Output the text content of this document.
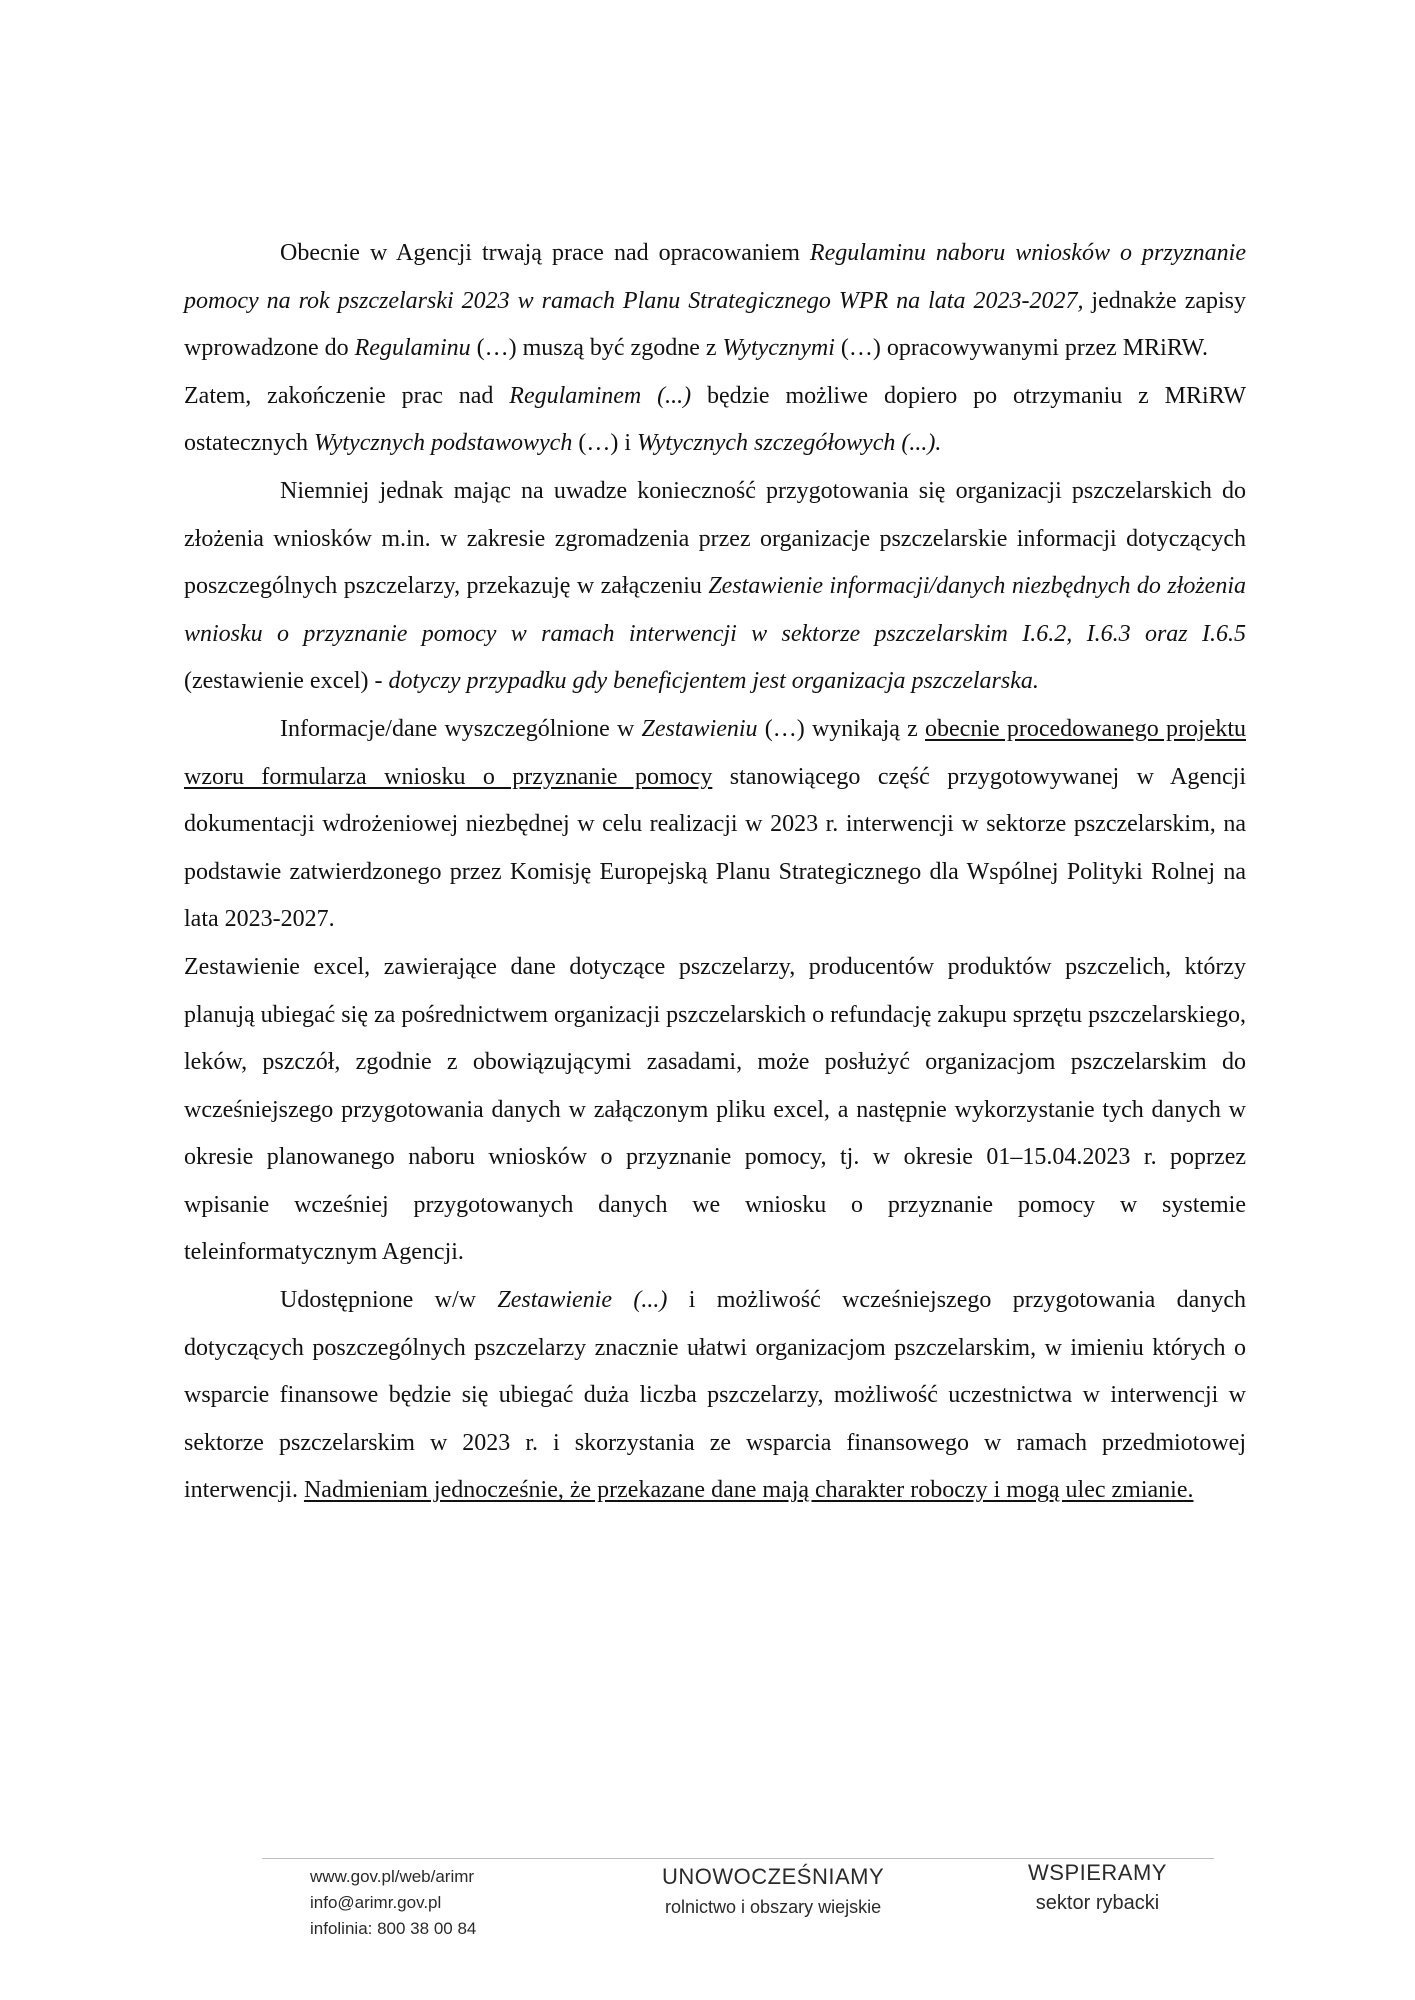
Obecnie w Agencji trwają prace nad opracowaniem Regulaminu naboru wniosków o przyznanie pomocy na rok pszczelarski 2023 w ramach Planu Strategicznego WPR na lata 2023-2027, jednakże zapisy wprowadzone do Regulaminu (…) muszą być zgodne z Wytycznymi (…) opracowywanymi przez MRiRW.

Zatem, zakończenie prac nad Regulaminem (...) będzie możliwe dopiero po otrzymaniu z MRiRW ostatecznych Wytycznych podstawowych (…) i Wytycznych szczegółowych (...).

Niemniej jednak mając na uwadze konieczność przygotowania się organizacji pszczelarskich do złożenia wniosków m.in. w zakresie zgromadzenia przez organizacje pszczelarskie informacji dotyczących poszczególnych pszczelarzy, przekazuję w załączeniu Zestawienie informacji/danych niezbędnych do złożenia wniosku o przyznanie pomocy w ramach interwencji w sektorze pszczelarskim I.6.2, I.6.3 oraz I.6.5 (zestawienie excel) - dotyczy przypadku gdy beneficjentem jest organizacja pszczelarska.

Informacje/dane wyszczególnione w Zestawieniu (…) wynikają z obecnie procedowanego projektu wzoru formularza wniosku o przyznanie pomocy stanowiącego część przygotowywanej w Agencji dokumentacji wdrożeniowej niezbędnej w celu realizacji w 2023 r. interwencji w sektorze pszczelarskim, na podstawie zatwierdzonego przez Komisję Europejską Planu Strategicznego dla Wspólnej Polityki Rolnej na lata 2023-2027.

Zestawienie excel, zawierające dane dotyczące pszczelarzy, producentów produktów pszczelich, którzy planują ubiegać się za pośrednictwem organizacji pszczelarskich o refundację zakupu sprzętu pszczelarskiego, leków, pszczół, zgodnie z obowiązującymi zasadami, może posłużyć organizacjom pszczelarskim do wcześniejszego przygotowania danych w załączonym pliku excel, a następnie wykorzystanie tych danych w okresie planowanego naboru wniosków o przyznanie pomocy, tj. w okresie 01–15.04.2023 r. poprzez wpisanie wcześniej przygotowanych danych we wniosku o przyznanie pomocy w systemie teleinformatycznym Agencji.

Udostępnione w/w Zestawienie (...) i możliwość wcześniejszego przygotowania danych dotyczących poszczególnych pszczelarzy znacznie ułatwi organizacjom pszczelarskim, w imieniu których o wsparcie finansowe będzie się ubiegać duża liczba pszczelarzy, możliwość uczestnictwa w interwencji w sektorze pszczelarskim w 2023 r. i skorzystania ze wsparcia finansowego w ramach przedmiotowej interwencji. Nadmieniam jednocześnie, że przekazane dane mają charakter roboczy i mogą ulec zmianie.

www.gov.pl/web/arimr
info@arimr.gov.pl
infolinia: 800 38 00 84
UNOWOCZEŚNIAMY
rolnictwo i obszary wiejskie
WSPIERAMY
sektor rybacki
